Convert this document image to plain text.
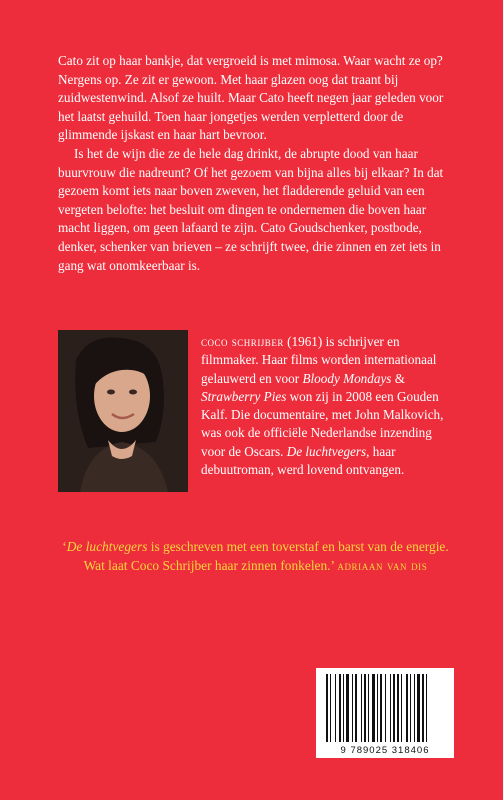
Cato zit op haar bankje, dat vergroeid is met mimosa. Waar wacht ze op? Nergens op. Ze zit er gewoon. Met haar glazen oog dat traant bij zuidwestenwind. Alsof ze huilt. Maar Cato heeft negen jaar geleden voor het laatst gehuild. Toen haar jongetjes werden verpletterd door de glimmende ijskast en haar hart bevroor.

Is het de wijn die ze de hele dag drinkt, de abrupte dood van haar buurvrouw die nadreunt? Of het gezoem van bijna alles bij elkaar? In dat gezoem komt iets naar boven zweven, het fladderende geluid van een vergeten belofte: het besluit om dingen te ondernemen die boven haar macht liggen, om geen lafaard te zijn. Cato Goudschenker, postbode, denker, schenker van brieven – ze schrijft twee, drie zinnen en zet iets in gang wat onomkeerbaar is.

coco schrijber (1961) is schrijver en filmmaker. Haar films worden internationaal gelauwerd en voor Bloody Mondays & Strawberry Pies won zij in 2008 een Gouden Kalf. Die documentaire, met John Malkovich, was ook de officiële Nederlandse inzending voor de Oscars. De luchtvegers, haar debuutroman, werd lovend ontvangen.
‘De luchtvegers is geschreven met een toverstaf en barst van de energie. Wat laat Coco Schrijber haar zinnen fonkelen.’ adriaan van dis
9 789025 318406
